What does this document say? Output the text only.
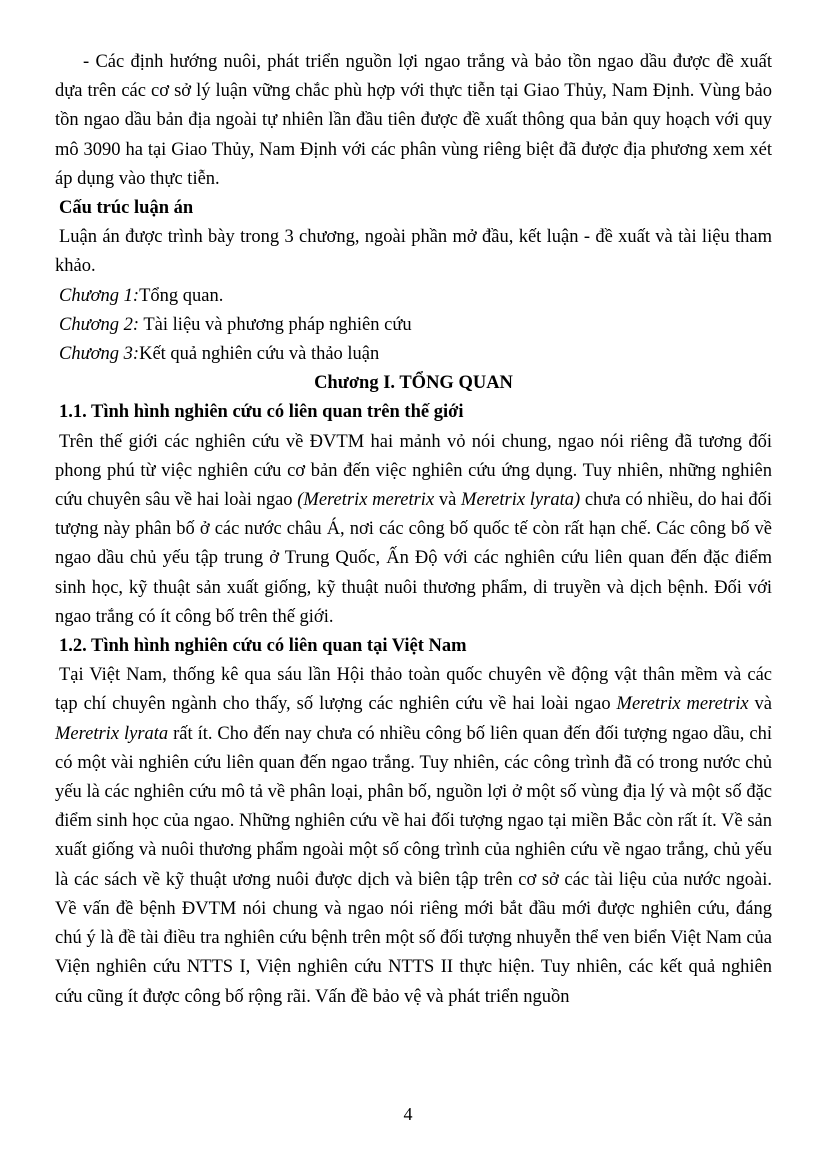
- Các định hướng nuôi, phát triển nguồn lợi ngao trắng và bảo tồn ngao dầu được đề xuất dựa trên các cơ sở lý luận vững chắc phù hợp với thực tiễn tại Giao Thủy, Nam Định. Vùng bảo tồn ngao dầu bản địa ngoài tự nhiên lần đầu tiên được đề xuất thông qua bản quy hoạch với quy mô 3090 ha tại Giao Thủy, Nam Định với các phân vùng riêng biệt đã được địa phương xem xét áp dụng vào thực tiễn.

Cấu trúc luận án

Luận án được trình bày trong 3 chương, ngoài phần mở đầu, kết luận - đề xuất và tài liệu tham khảo.

Chương 1:Tổng quan.

Chương 2: Tài liệu và phương pháp nghiên cứu

Chương 3:Kết quả nghiên cứu và thảo luận

Chương I. TỔNG QUAN

1.1. Tình hình nghiên cứu có liên quan trên thế giới

Trên thế giới các nghiên cứu về ĐVTM hai mảnh vỏ nói chung, ngao nói riêng đã tương đối phong phú từ việc nghiên cứu cơ bản đến việc nghiên cứu ứng dụng. Tuy nhiên, những nghiên cứu chuyên sâu về hai loài ngao (Meretrix meretrix và Meretrix lyrata) chưa có nhiều, do hai đối tượng này phân bố ở các nước châu Á, nơi các công bố quốc tế còn rất hạn chế. Các công bố về ngao dầu chủ yếu tập trung ở Trung Quốc, Ấn Độ với các nghiên cứu liên quan đến đặc điểm sinh học, kỹ thuật sản xuất giống, kỹ thuật nuôi thương phẩm, di truyền và dịch bệnh. Đối với ngao trắng có ít công bố trên thế giới.

1.2. Tình hình nghiên cứu có liên quan tại Việt Nam

Tại Việt Nam, thống kê qua sáu lần Hội thảo toàn quốc chuyên về động vật thân mềm và các tạp chí chuyên ngành cho thấy, số lượng các nghiên cứu về hai loài ngao Meretrix meretrix và Meretrix lyrata rất ít. Cho đến nay chưa có nhiều công bố liên quan đến đối tượng ngao dầu, chỉ có một vài nghiên cứu liên quan đến ngao trắng. Tuy nhiên, các công trình đã có trong nước chủ yếu là các nghiên cứu mô tả về phân loại, phân bố, nguồn lợi ở một số vùng địa lý và một số đặc điểm sinh học của ngao. Những nghiên cứu về hai đối tượng ngao tại miền Bắc còn rất ít. Về sản xuất giống và nuôi thương phẩm ngoài một số công trình của nghiên cứu về ngao trắng, chủ yếu là các sách về kỹ thuật ương nuôi được dịch và biên tập trên cơ sở các tài liệu của nước ngoài. Về vấn đề bệnh ĐVTM nói chung và ngao nói riêng mới bắt đầu mới được nghiên cứu, đáng chú ý là đề tài điều tra nghiên cứu bệnh trên một số đối tượng nhuyễn thể ven biển Việt Nam của Viện nghiên cứu NTTS I, Viện nghiên cứu NTTS II thực hiện. Tuy nhiên, các kết quả nghiên cứu cũng ít được công bố rộng rãi. Vấn đề bảo vệ và phát triển nguồn

4
